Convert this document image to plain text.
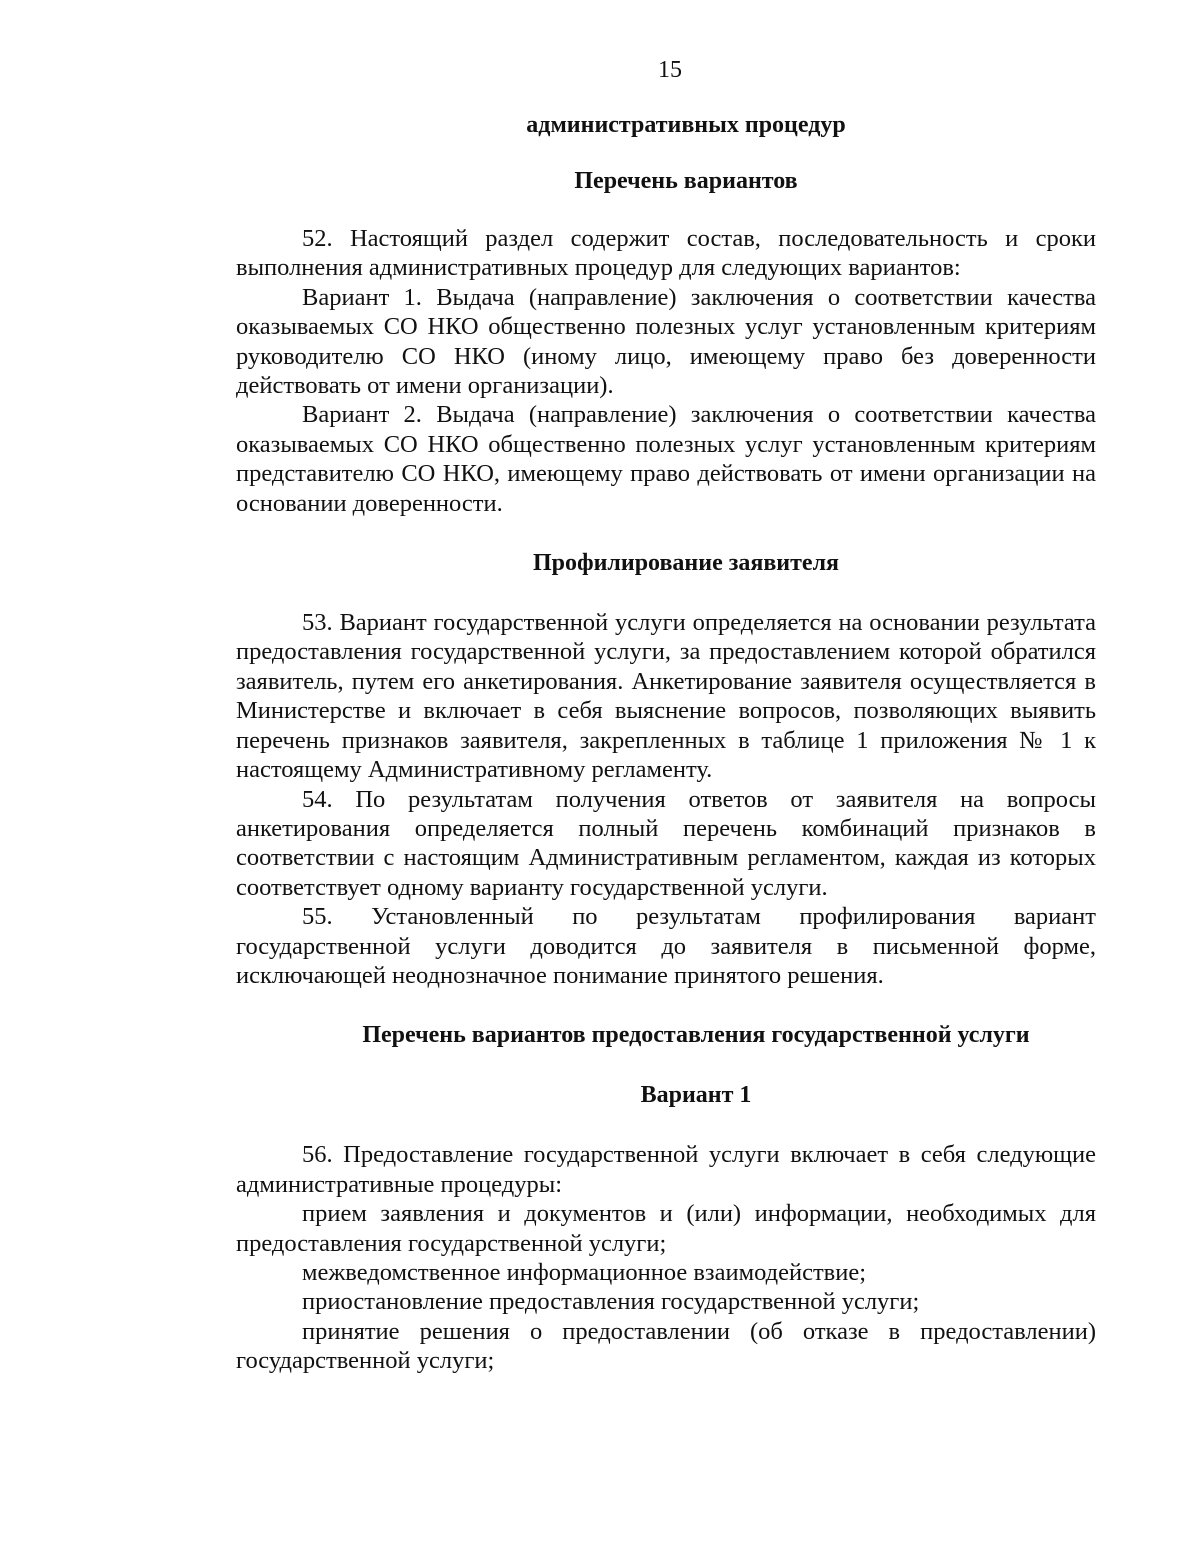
15
административных процедур
Перечень вариантов

52. Настоящий раздел содержит состав, последовательность и сроки выполнения административных процедур для следующих вариантов:

Вариант 1. Выдача (направление) заключения о соответствии качества оказываемых СО НКО общественно полезных услуг установленным критериям руководителю СО НКО (иному лицо, имеющему право без доверенности действовать от имени организации).

Вариант 2. Выдача (направление) заключения о соответствии качества оказываемых СО НКО общественно полезных услуг установленным критериям представителю СО НКО, имеющему право действовать от имени организации на основании доверенности.

Профилирование заявителя

53. Вариант государственной услуги определяется на основании результата предоставления государственной услуги, за предоставлением которой обратился заявитель, путем его анкетирования. Анкетирование заявителя осуществляется в Министерстве и включает в себя выяснение вопросов, позволяющих выявить перечень признаков заявителя, закрепленных в таблице 1 приложения № 1 к настоящему Административному регламенту.

54. По результатам получения ответов от заявителя на вопросы анкетирования определяется полный перечень комбинаций признаков в соответствии с настоящим Административным регламентом, каждая из которых соответствует одному варианту государственной услуги.

55. Установленный по результатам профилирования вариант государственной услуги доводится до заявителя в письменной форме, исключающей неоднозначное понимание принятого решения.

Перечень вариантов предоставления государственной услуги
Вариант 1

56. Предоставление государственной услуги включает в себя следующие административные процедуры:

прием заявления и документов и (или) информации, необходимых для предоставления государственной услуги;

межведомственное информационное взаимодействие;

приостановление предоставления государственной услуги;

принятие решения о предоставлении (об отказе в предоставлении) государственной услуги;
